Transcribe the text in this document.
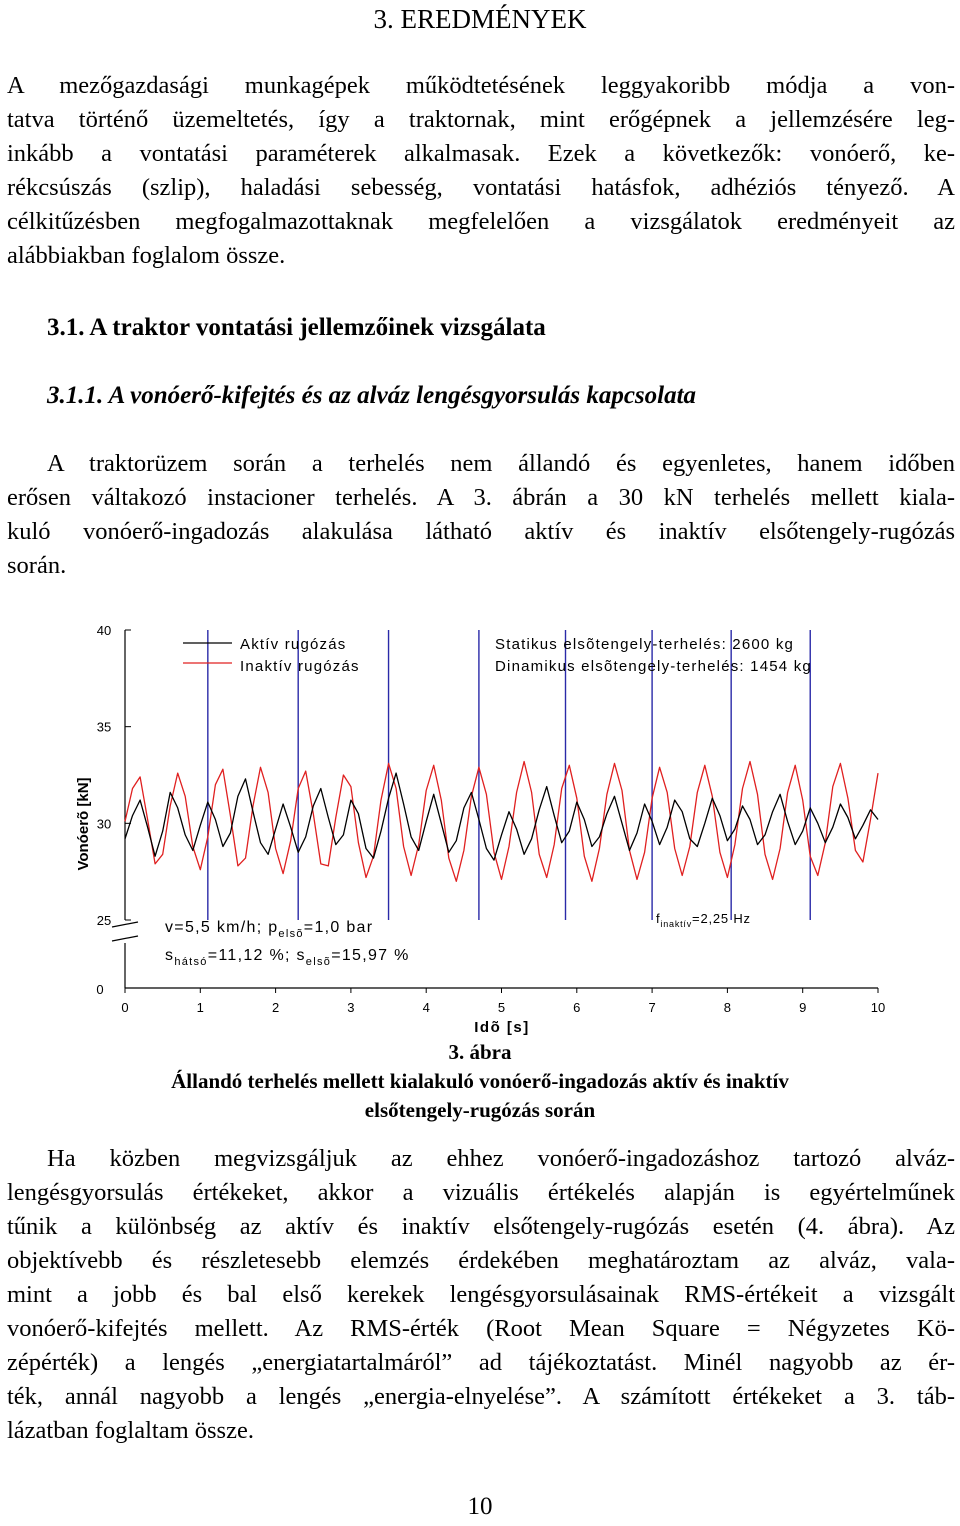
3. EREDMÉNYEK

A mezőgazdasági munkagépek működtetésének leggyakoribb módja a von-
tatva történő üzemeltetés, így a traktornak, mint erőgépnek a jellemzésére leg-
inkább a vontatási paraméterek alkalmasak. Ezek a következők: vonóerő, ke-
rékcsúszás (szlip), haladási sebesség, vontatási hatásfok, adhéziós tényező. A
célkitűzésben megfogalmazottaknak megfelelően a vizsgálatok eredményeit az
alábbiakban foglalom össze.

3.1. A traktor vontatási jellemzőinek vizsgálata
3.1.1. A vonóerő-kifejtés és az alváz lengésgyorsulás kapcsolata

A traktorüzem során a terhelés nem állandó és egyenletes, hanem időben
erősen váltakozó instacioner terhelés. A 3. ábrán a 30 kN terhelés mellett kiala-
kuló vonóerő-ingadozás alakulása látható aktív és inaktív elsőtengely-rugózás
során.

0	1	2	3	4	5	6	7	8	9	10
40
35
30
25
0
Aktív rugózás
Inaktív rugózás
Statikus elsõtengely-terhelés: 2600 kg
Dinamikus elsõtengely-terhelés: 1454 kg
v=5,5 km/h; $p_{elsõ}=1,0$ bar
$s_{hátsó}=11,12$ %; $s_{elsõ}=15,97$ %
$f_{inaktív}=2,25$ Hz
Idõ [s]
Vonóerõ [kN]

3. ábra

Állandó terhelés mellett kialakuló vonóerő-ingadozás aktív és inaktív

elsőtengely-rugózás során

Ha közben megvizsgáljuk az ehhez vonóerő-ingadozáshoz tartozó alváz-
lengésgyorsulás értékeket, akkor a vizuális értékelés alapján is egyértelműnek
tűnik a különbség az aktív és inaktív elsőtengely-rugózás esetén (4. ábra). Az
objektívebb és részletesebb elemzés érdekében meghatároztam az alváz, vala-
mint a jobb és bal első kerekek lengésgyorsulásainak RMS-értékeit a vizsgált
vonóerő-kifejtés mellett. Az RMS-érték (Root Mean Square = Négyzetes Kö-
zépérték) a lengés „energiatartalmáról” ad tájékoztatást. Minél nagyobb az ér-
ték, annál nagyobb a lengés „energia-elnyelése”. A számított értékeket a 3. táb-
lázatban foglaltam össze.

10
